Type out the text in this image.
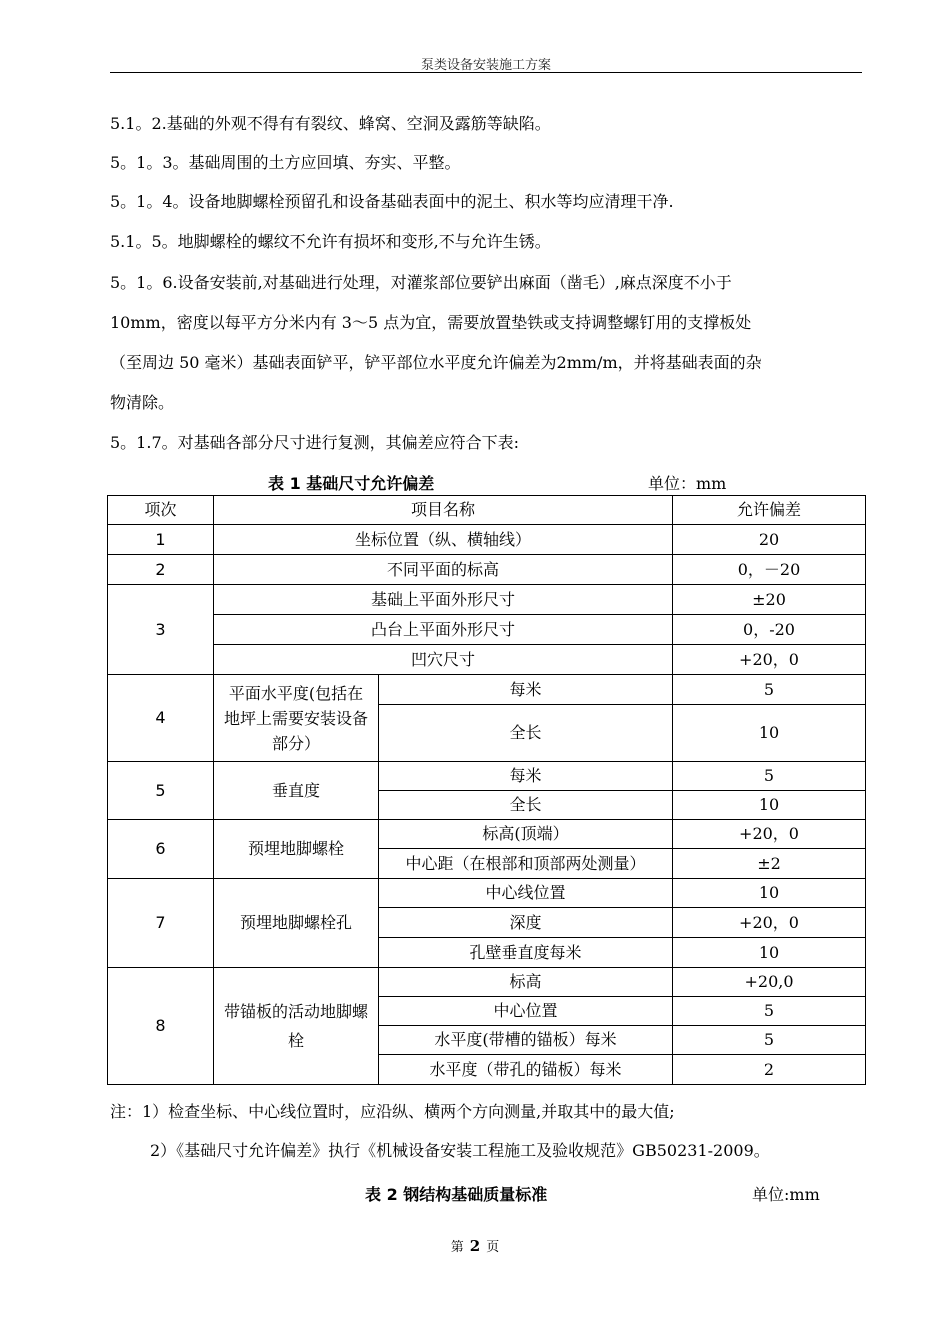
泵类设备安装施工方案
5.1。2.基础的外观不得有有裂纹、蜂窝、空洞及露筋等缺陷。
5。1。3。基础周围的土方应回填、夯实、平整。
5。1。4。设备地脚螺栓预留孔和设备基础表面中的泥土、积水等均应清理干净.
5.1。5。地脚螺栓的螺纹不允许有损坏和变形,不与允许生锈。
5。1。6.设备安装前,对基础进行处理，对灌浆部位要铲出麻面（凿毛）,麻点深度不小于
10mm，密度以每平方分米内有 3～5 点为宜，需要放置垫铁或支持调整螺钉用的支撑板处
（至周边 50 毫米）基础表面铲平，铲平部位水平度允许偏差为2mm/m，并将基础表面的杂
物清除。
5。1.7。对基础各部分尺寸进行复测，其偏差应符合下表:
表 1 基础尺寸允许偏差	单位：mm
项次	项目名称		允许偏差
1	坐标位置（纵、横轴线）		20
2	不同平面的标高		0，－20
3	基础上平面外形尺寸		±20
	凸台上平面外形尺寸		0，-20
	凹穴尺寸		+20，0
4	平面水平度(包括在地坪上需要安装设备部分）	每米	5
		全长	10
5	垂直度	每米	5
		全长	10
6	预埋地脚螺栓	标高(顶端）	+20，0
		中心距（在根部和顶部两处测量）	±2
7	预埋地脚螺栓孔	中心线位置	10
		深度	+20，0
		孔壁垂直度每米	10
8	带锚板的活动地脚螺栓	标高	+20,0
		中心位置	5
		水平度(带槽的锚板）每米	5
		水平度（带孔的锚板）每米	2
注：1）检查坐标、中心线位置时，应沿纵、横两个方向测量,并取其中的最大值;
2）《基础尺寸允许偏差》执行《机械设备安装工程施工及验收规范》GB50231-2009。
表 2 钢结构基础质量标准	单位:mm
第 2 页
